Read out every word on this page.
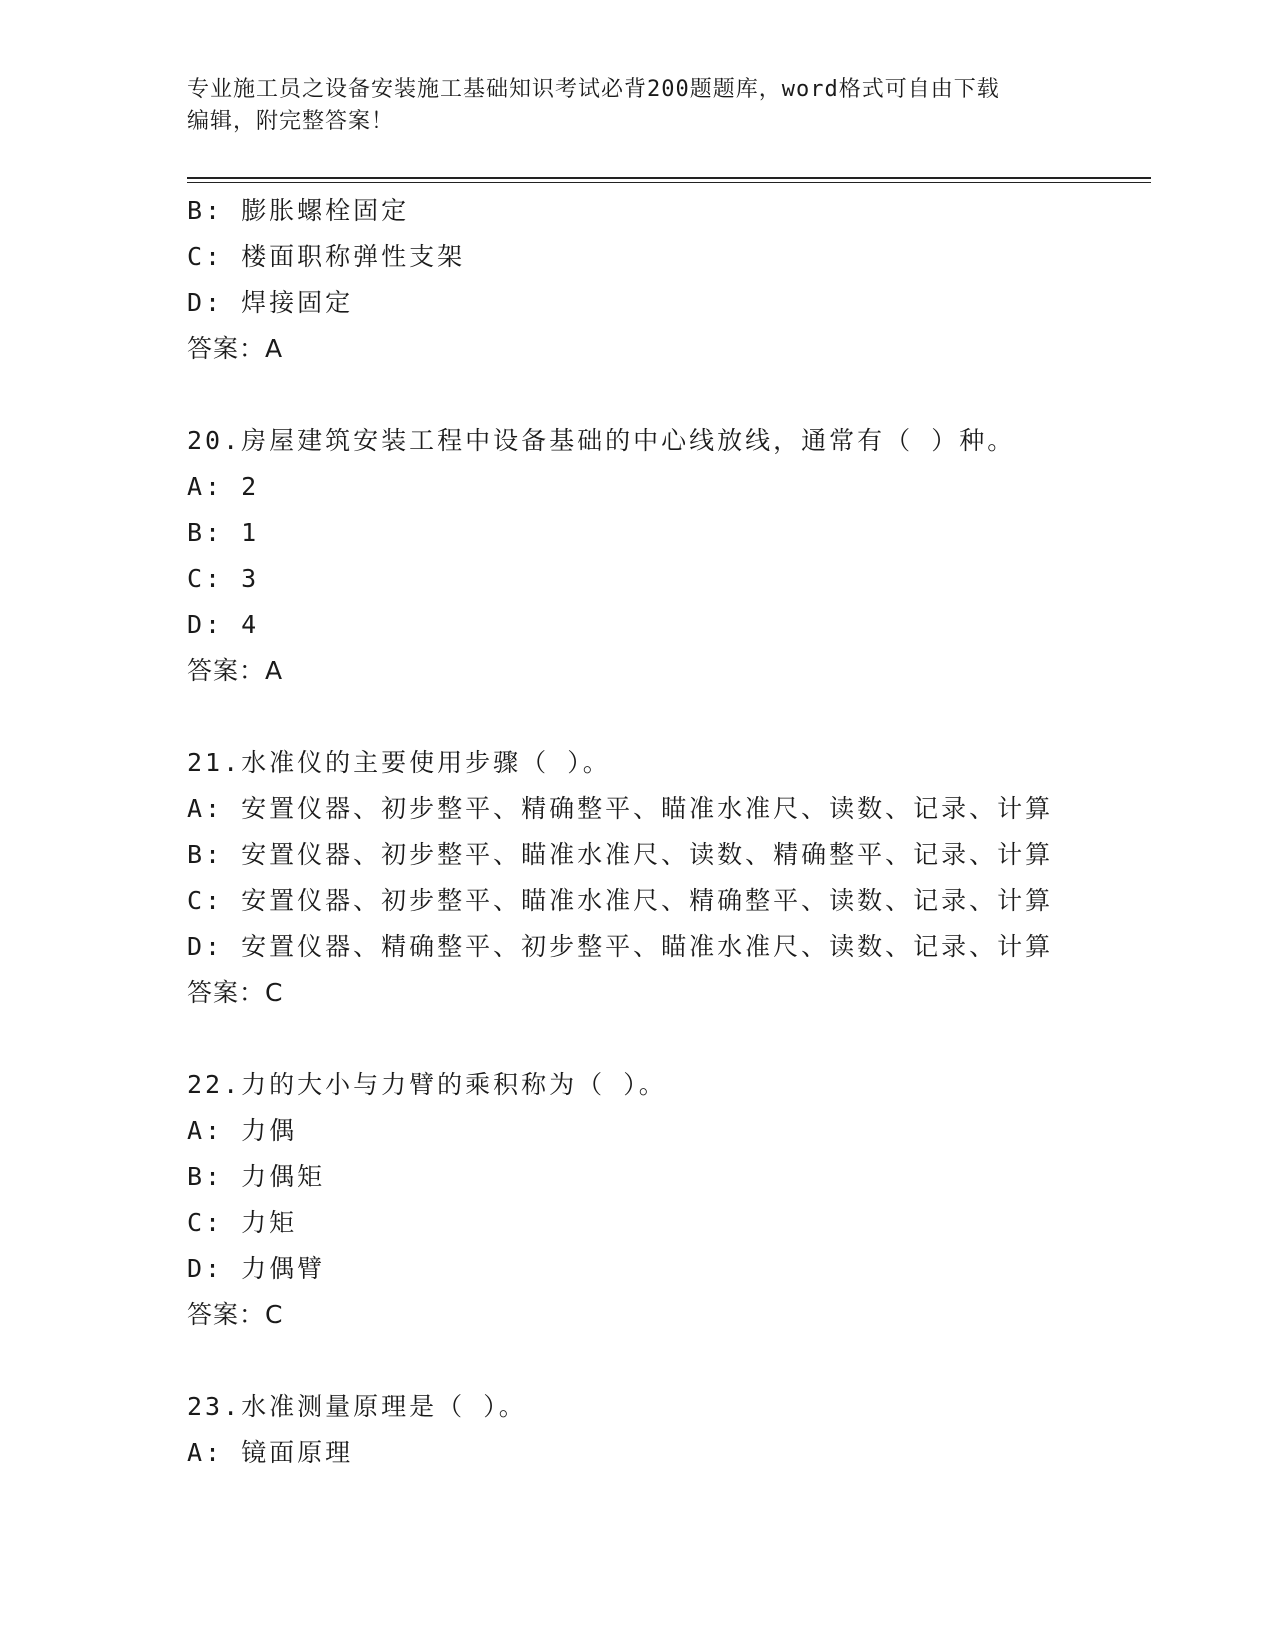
专业施工员之设备安装施工基础知识考试必背200题题库，word格式可自由下载
编辑，附完整答案！
B: 膨胀螺栓固定
C: 楼面职称弹性支架
D: 焊接固定
答案：A
20.房屋建筑安装工程中设备基础的中心线放线，通常有（ ）种。
A: 2
B: 1
C: 3
D: 4
答案：A
21.水准仪的主要使用步骤（ ）。
A: 安置仪器、初步整平、精确整平、瞄准水准尺、读数、记录、计算
B: 安置仪器、初步整平、瞄准水准尺、读数、精确整平、记录、计算
C: 安置仪器、初步整平、瞄准水准尺、精确整平、读数、记录、计算
D: 安置仪器、精确整平、初步整平、瞄准水准尺、读数、记录、计算
答案：C
22.力的大小与力臂的乘积称为（ ）。
A: 力偶
B: 力偶矩
C: 力矩
D: 力偶臂
答案：C
23.水准测量原理是（ ）。
A: 镜面原理
